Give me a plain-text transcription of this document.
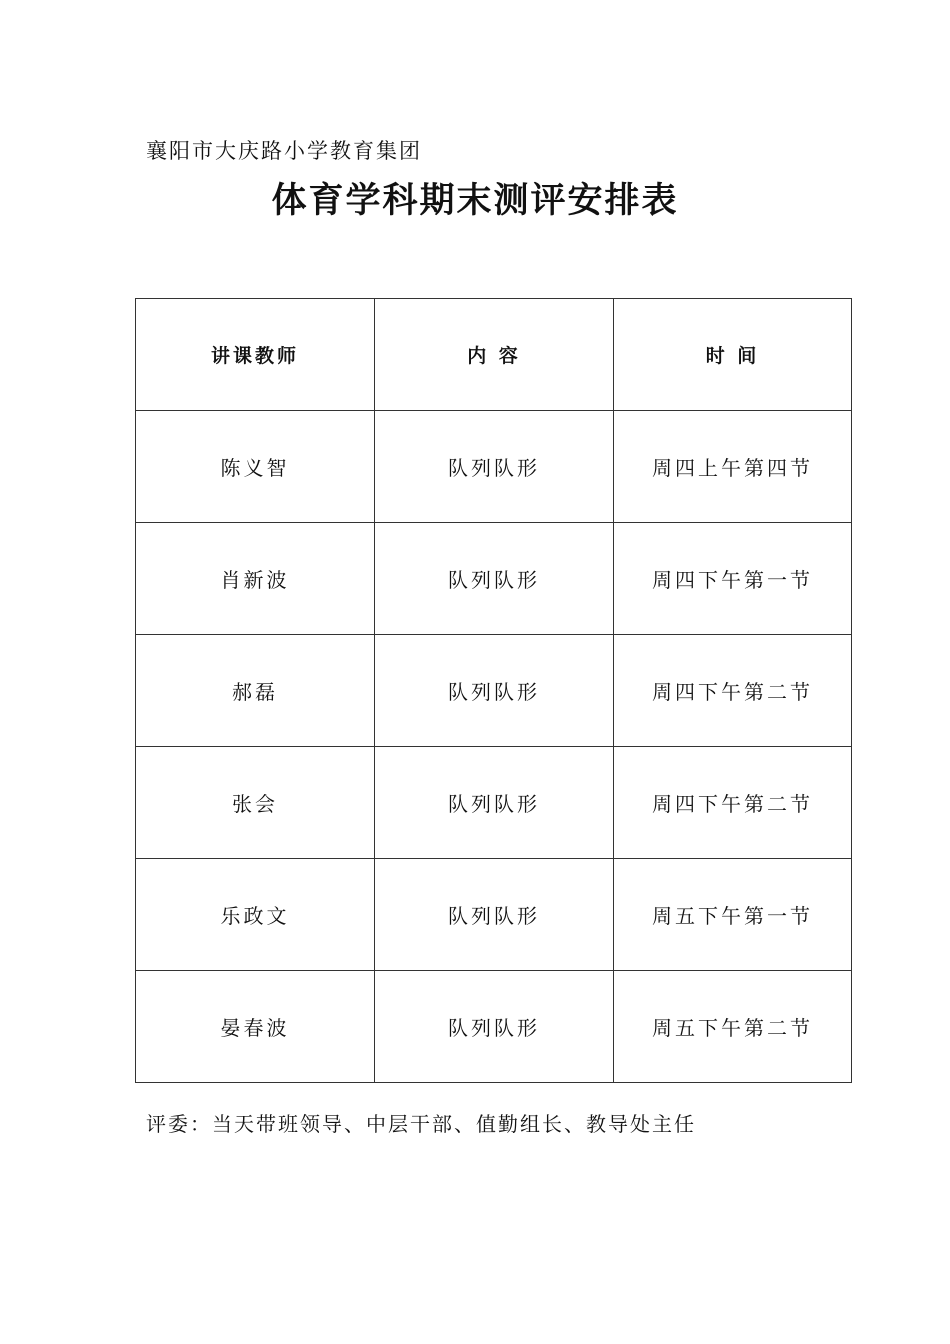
襄阳市大庆路小学教育集团
体育学科期末测评安排表
讲课教师	内 容	时 间
陈义智	队列队形	周四上午第四节
肖新波	队列队形	周四下午第一节
郝磊	队列队形	周四下午第二节
张会	队列队形	周四下午第二节
乐政文	队列队形	周五下午第一节
晏春波	队列队形	周五下午第二节
评委：当天带班领导、中层干部、值勤组长、教导处主任
